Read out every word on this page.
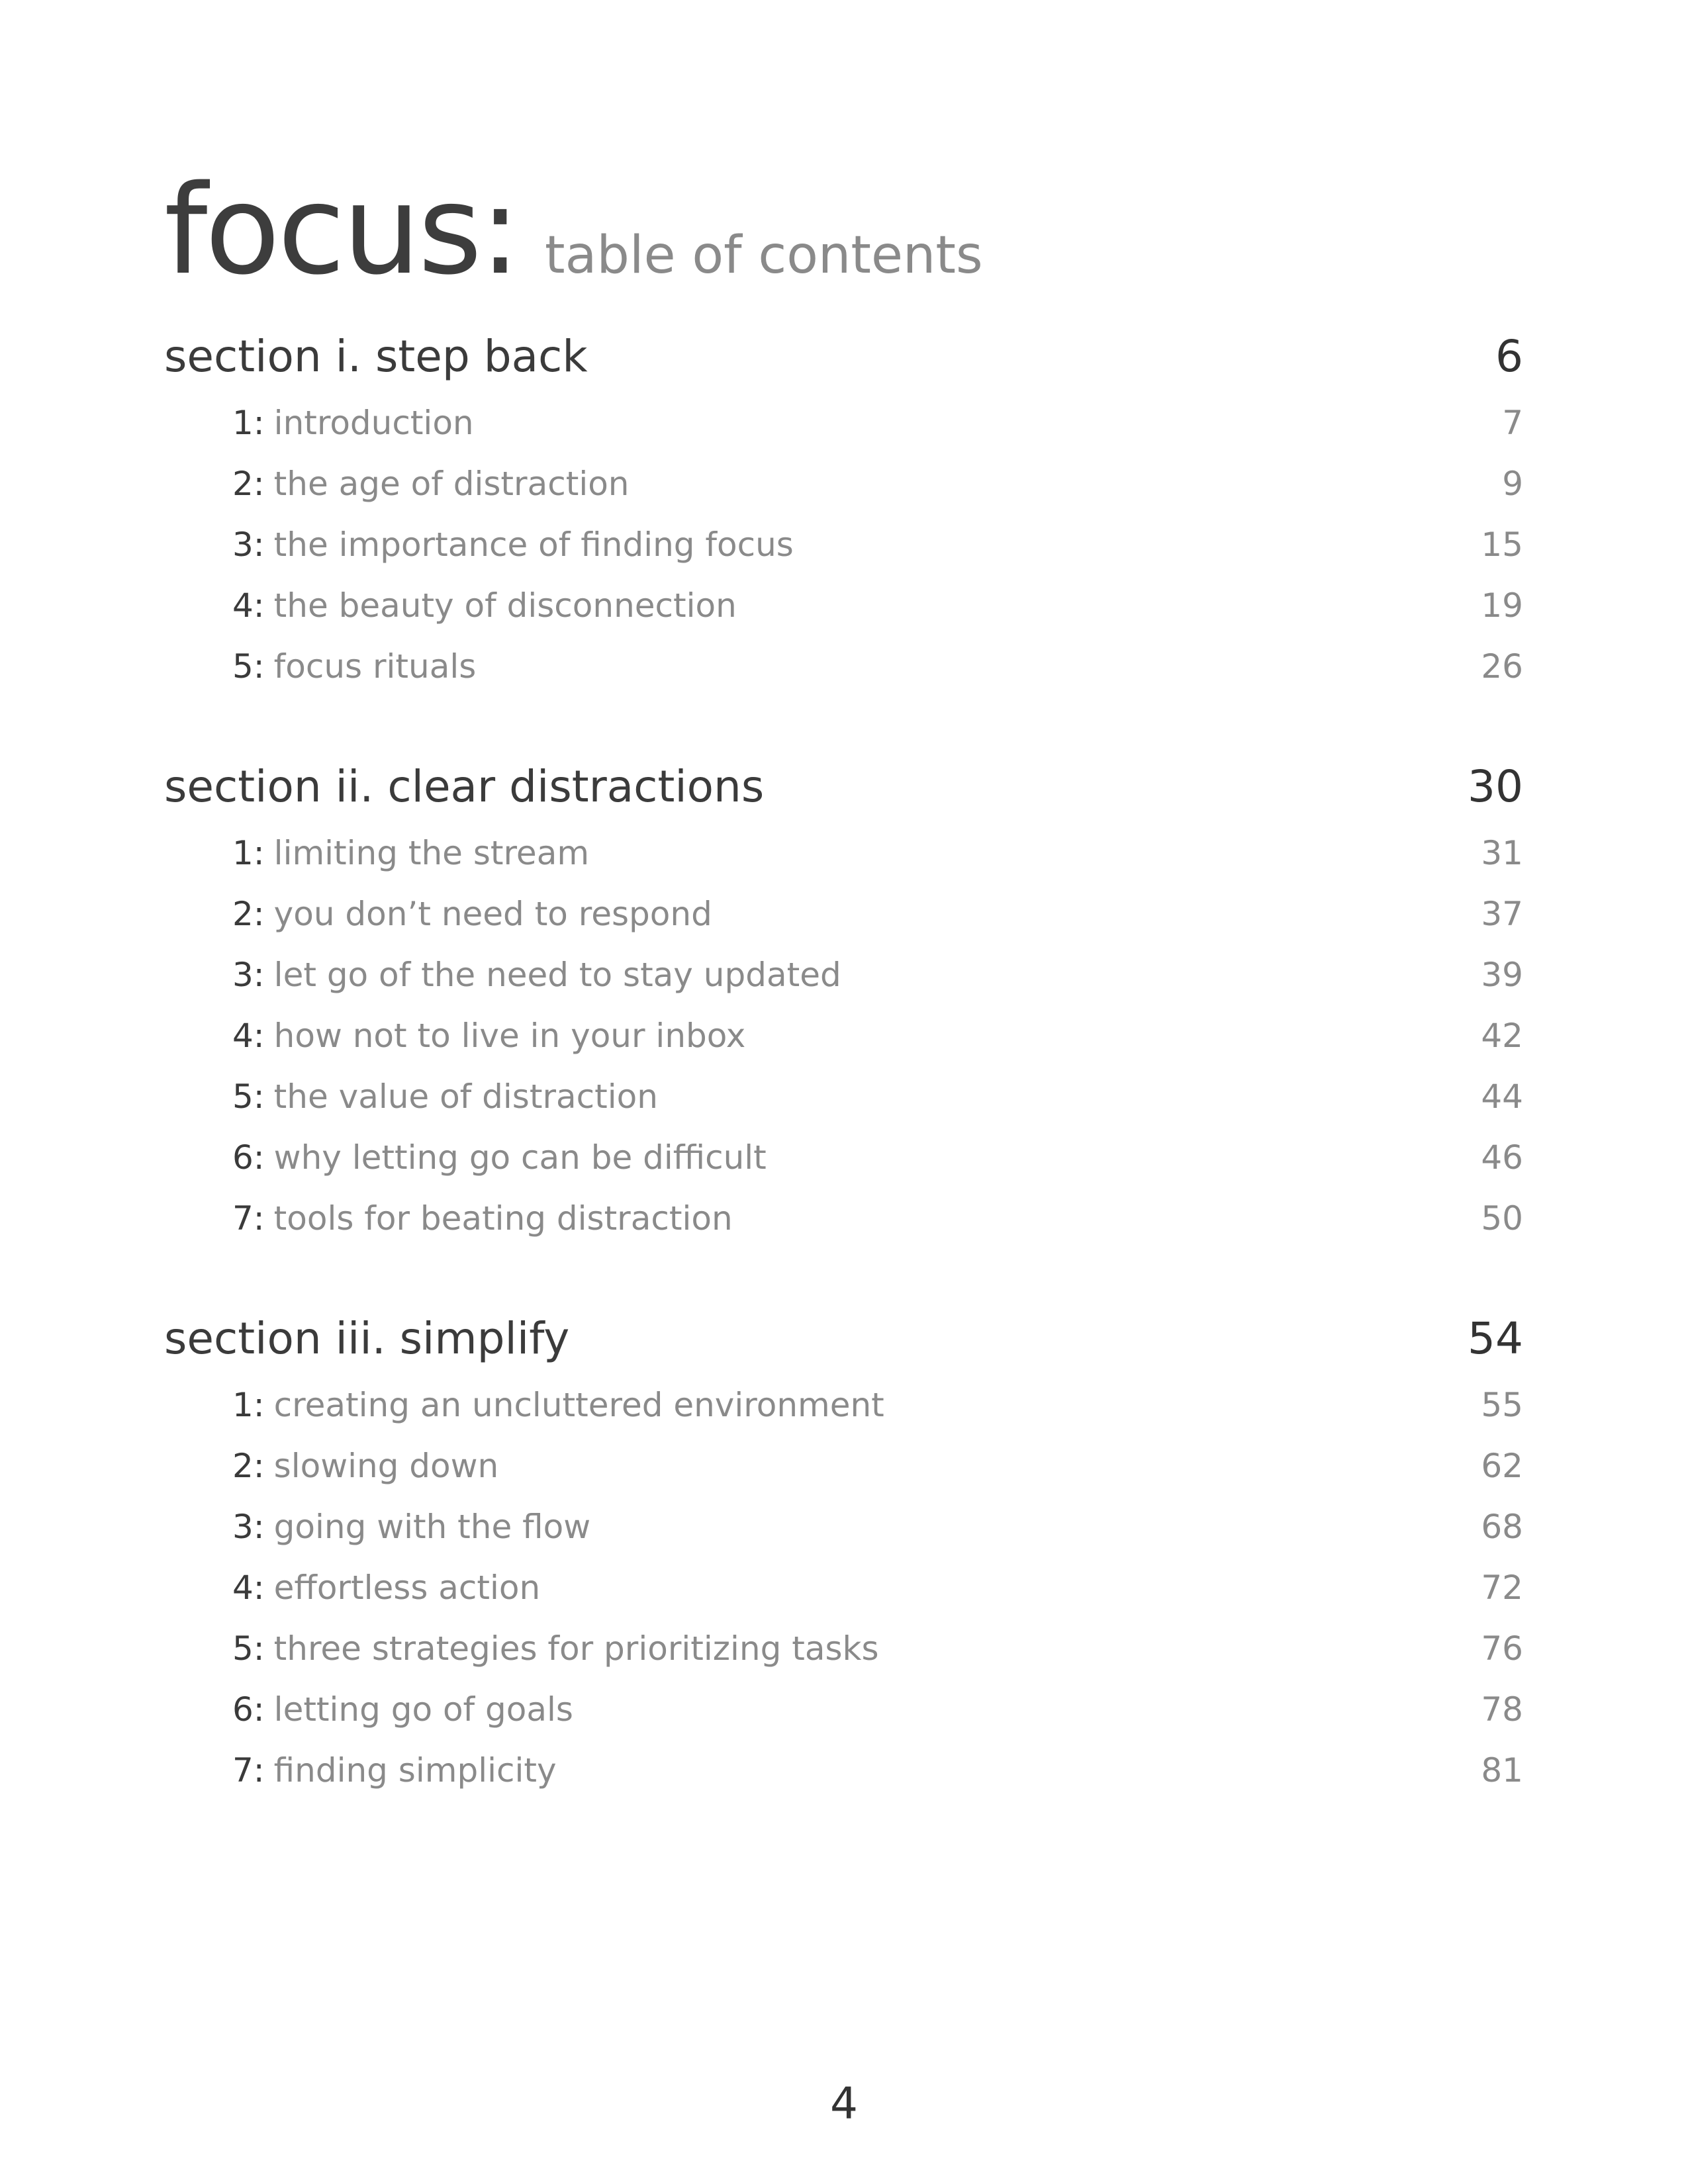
focus: table of contents
section i. step back	6
1: introduction	7
2: the age of distraction	9
3: the importance of finding focus	15
4: the beauty of disconnection	19
5: focus rituals	26
section ii. clear distractions	30
1: limiting the stream	31
2: you don’t need to respond	37
3: let go of the need to stay updated	39
4: how not to live in your inbox	42
5: the value of distraction	44
6: why letting go can be difficult	46
7: tools for beating distraction	50
section iii. simplify	54
1: creating an uncluttered environment	55
2: slowing down	62
3: going with the flow	68
4: effortless action	72
5: three strategies for prioritizing tasks	76
6: letting go of goals	78
7: finding simplicity	81
4
